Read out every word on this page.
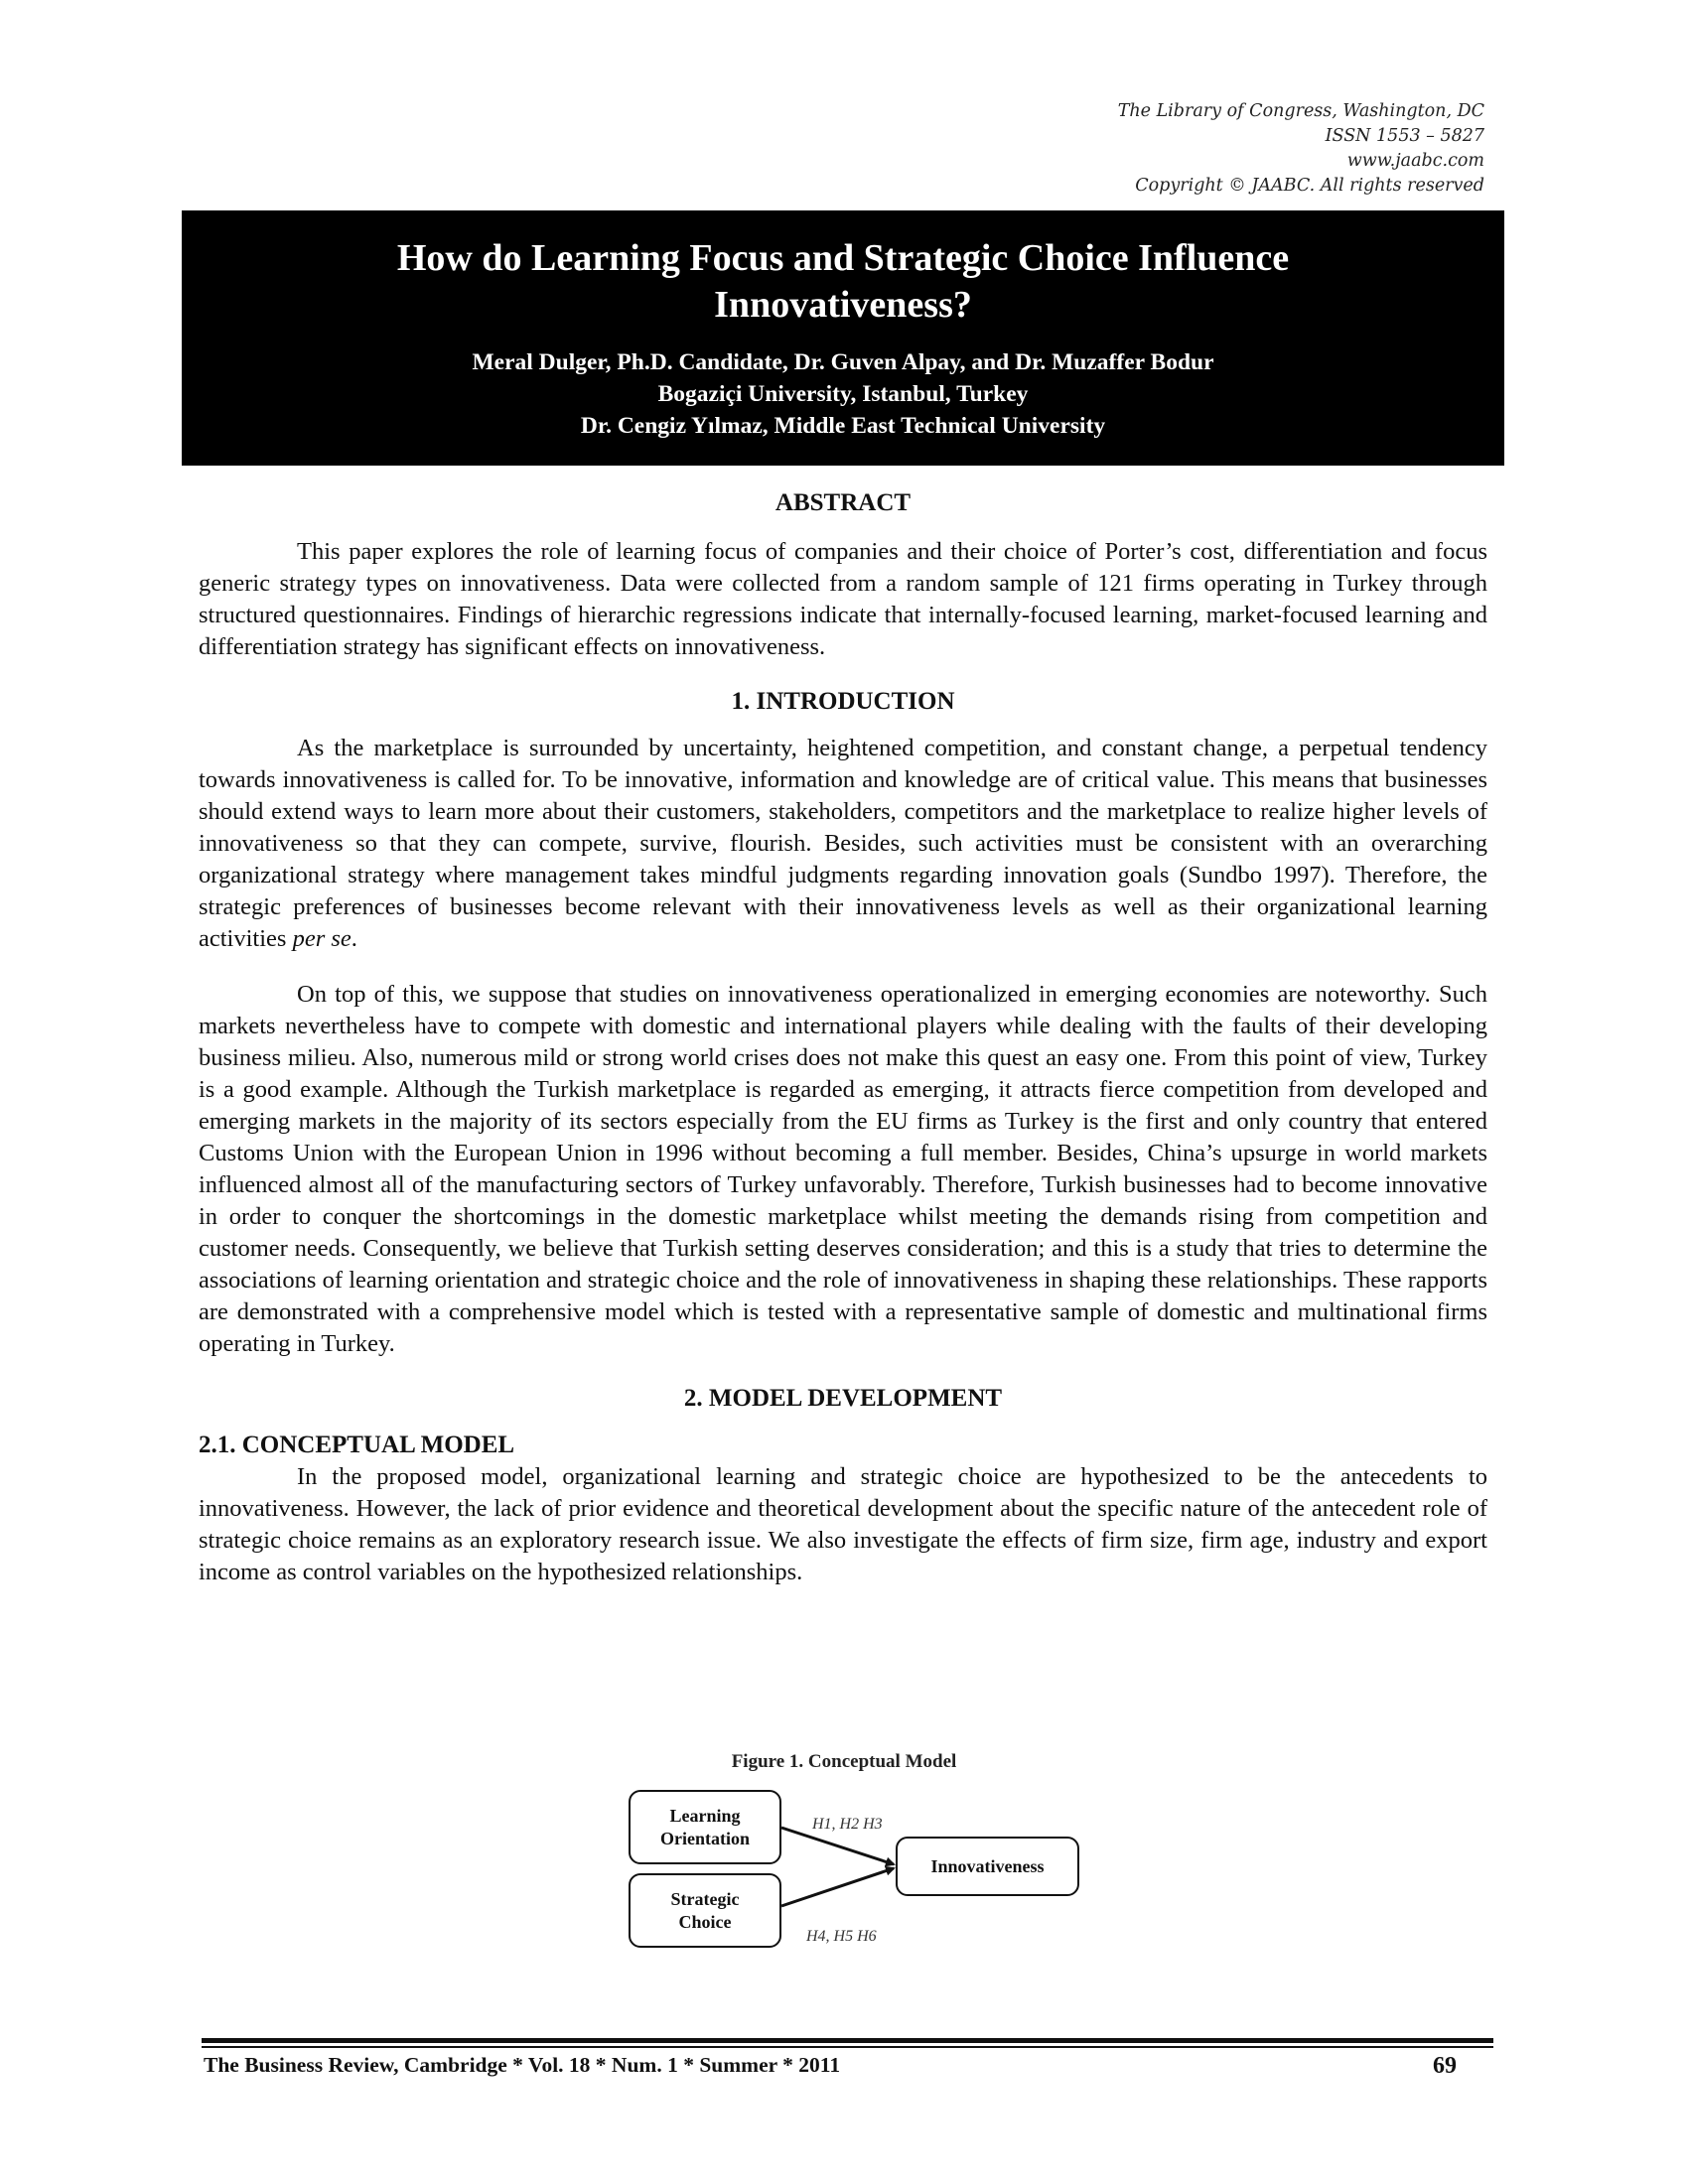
The Library of Congress, Washington, DC
ISSN 1553 – 5827
www.jaabc.com
Copyright © JAABC. All rights reserved
How do Learning Focus and Strategic Choice Influence Innovativeness?
Meral Dulger, Ph.D. Candidate, Dr. Guven Alpay, and Dr. Muzaffer Bodur
Bogaziçi University, Istanbul, Turkey
Dr. Cengiz Yılmaz, Middle East Technical University
ABSTRACT

This paper explores the role of learning focus of companies and their choice of Porter’s cost, differentiation and focus generic strategy types on innovativeness. Data were collected from a random sample of 121 firms operating in Turkey through structured questionnaires. Findings of hierarchic regressions indicate that internally-focused learning, market-focused learning and differentiation strategy has significant effects on innovativeness.

1. INTRODUCTION

As the marketplace is surrounded by uncertainty, heightened competition, and constant change, a perpetual tendency towards innovativeness is called for. To be innovative, information and knowledge are of critical value. This means that businesses should extend ways to learn more about their customers, stakeholders, competitors and the marketplace to realize higher levels of innovativeness so that they can compete, survive, flourish. Besides, such activities must be consistent with an overarching organizational strategy where management takes mindful judgments regarding innovation goals (Sundbo 1997). Therefore, the strategic preferences of businesses become relevant with their innovativeness levels as well as their organizational learning activities per se.

On top of this, we suppose that studies on innovativeness operationalized in emerging economies are noteworthy. Such markets nevertheless have to compete with domestic and international players while dealing with the faults of their developing business milieu. Also, numerous mild or strong world crises does not make this quest an easy one. From this point of view, Turkey is a good example. Although the Turkish marketplace is regarded as emerging, it attracts fierce competition from developed and emerging markets in the majority of its sectors especially from the EU firms as Turkey is the first and only country that entered Customs Union with the European Union in 1996 without becoming a full member. Besides, China’s upsurge in world markets influenced almost all of the manufacturing sectors of Turkey unfavorably. Therefore, Turkish businesses had to become innovative in order to conquer the shortcomings in the domestic marketplace whilst meeting the demands rising from competition and customer needs. Consequently, we believe that Turkish setting deserves consideration; and this is a study that tries to determine the associations of learning orientation and strategic choice and the role of innovativeness in shaping these relationships. These rapports are demonstrated with a comprehensive model which is tested with a representative sample of domestic and multinational firms operating in Turkey.

2. MODEL DEVELOPMENT
2.1. CONCEPTUAL MODEL

In the proposed model, organizational learning and strategic choice are hypothesized to be the antecedents to innovativeness. However, the lack of prior evidence and theoretical development about the specific nature of the antecedent role of strategic choice remains as an exploratory research issue. We also investigate the effects of firm size, firm age, industry and export income as control variables on the hypothesized relationships.

Figure 1. Conceptual Model
Learning
Orientation
Strategic
Choice
Innovativeness
H1, H2 H3
H4, H5 H6
The Business Review, Cambridge * Vol. 18 * Num. 1 * Summer * 2011	69
